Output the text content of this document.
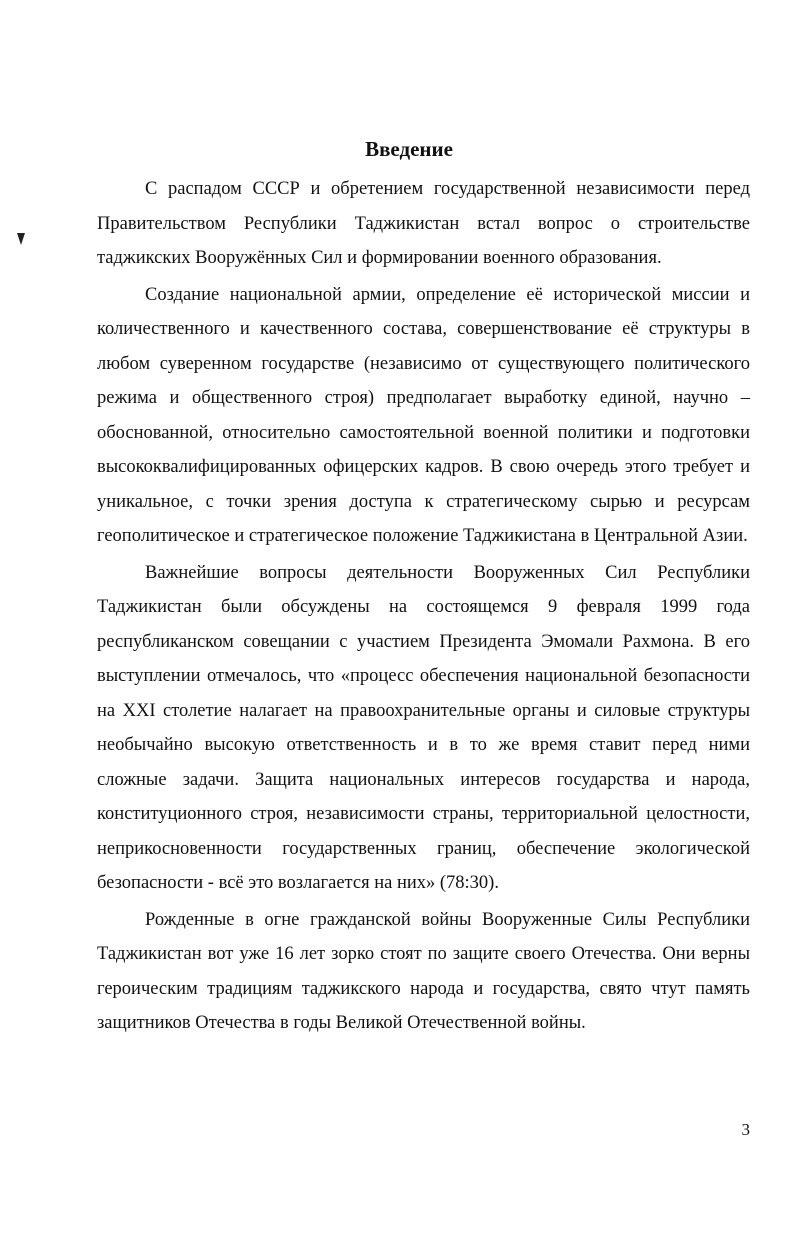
Введение

С распадом СССР и обретением государственной независимости перед Правительством Республики Таджикистан встал вопрос о строительстве таджикских Вооружённых Сил и формировании военного образования.

Создание национальной армии, определение её исторической миссии и количественного и качественного состава, совершенствование её структуры в любом суверенном государстве (независимо от существующего политического режима и общественного строя) предполагает выработку единой, научно – обоснованной, относительно самостоятельной военной политики и подготовки высококвалифицированных офицерских кадров. В свою очередь этого требует и уникальное, с точки зрения доступа к стратегическому сырью и ресурсам геополитическое и стратегическое положение Таджикистана в Центральной Азии.

Важнейшие вопросы деятельности Вооруженных Сил Республики Таджикистан были обсуждены на состоящемся 9 февраля 1999 года республиканском совещании с участием Президента Эмомали Рахмона. В его выступлении отмечалось, что «процесс обеспечения национальной безопасности на XXI столетие налагает на правоохранительные органы и силовые структуры необычайно высокую ответственность и в то же время ставит перед ними сложные задачи. Защита национальных интересов государства и народа, конституционного строя, независимости страны, территориальной целостности, неприкосновенности государственных границ, обеспечение экологической безопасности - всё это возлагается на них» (78:30).

Рожденные в огне гражданской войны Вооруженные Силы Республики Таджикистан вот уже 16 лет зорко стоят по защите своего Отечества. Они верны героическим традициям таджикского народа и государства, свято чтут память защитников Отечества в годы Великой Отечественной войны.

3
